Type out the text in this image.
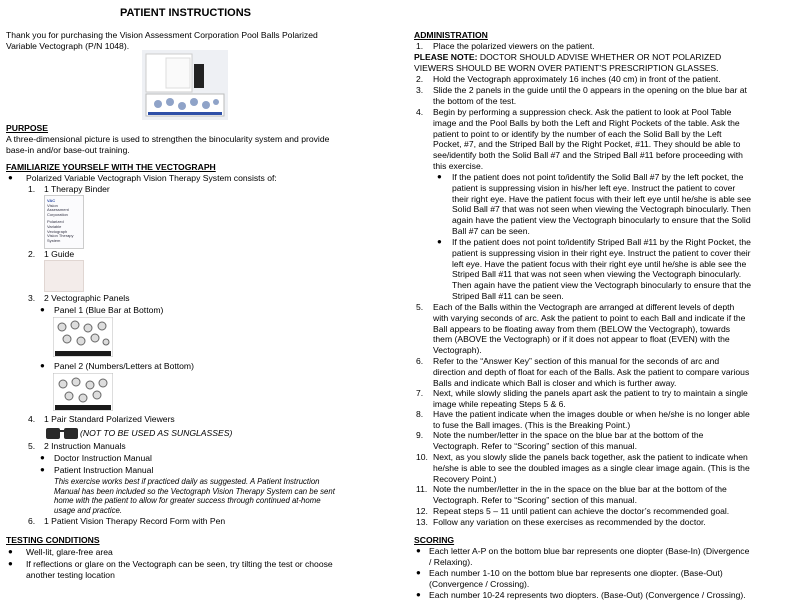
PATIENT INSTRUCTIONS
Thank you for purchasing the Vision Assessment Corporation Pool Balls Polarized
Variable Vectograph (P/N 1048).
PURPOSE
A three-dimensional picture is used to strengthen the binocularity system and provide
base-in and/or base-out training.
FAMILIARIZE YOURSELF WITH THE VECTOGRAPH
● Polarized Variable Vectograph Vision Therapy System consists of:
1.	1 Therapy Binder
VAC
Vision
Assessment
Corporation
Polarized
Variable
Vectograph
Vision Therapy System
2.	1 Guide
3.	2 Vectographic Panels
● Panel 1 (Blue Bar at Bottom)
● Panel 2 (Numbers/Letters at Bottom)
4.	1 Pair Standard Polarized Viewers
(NOT TO BE USED AS SUNGLASSES)
5.	2 Instruction Manuals
● Doctor Instruction Manual
● Patient Instruction Manual
This exercise works best if practiced daily as suggested. A Patient Instruction
Manual has been included so the Vectograph Vision Therapy System can be sent
home with the patient to allow for greater success through continued at-home
usage and practice.
6.	1 Patient Vision Therapy Record Form with Pen
TESTING CONDITIONS
● Well-lit, glare-free area
● If reflections or glare on the Vectograph can be seen, try tilting the test or choose
another testing location
ADMINISTRATION
1.	Place the polarized viewers on the patient.
PLEASE NOTE: DOCTOR SHOULD ADVISE WHETHER OR NOT POLARIZED
VIEWERS SHOULD BE WORN OVER PATIENT'S PRESCRIPTION GLASSES.
2.	Hold the Vectograph approximately 16 inches (40 cm) in front of the patient.
3.	Slide the 2 panels in the guide until the 0 appears in the opening on the blue bar at
the bottom of the test.
4.	Begin by performing a suppression check. Ask the patient to look at Pool Table
image and the Pool Balls by both the Left and Right Pockets of the table. Ask the
patient to point to or identify by the number of each the Solid Ball by the Left
Pocket, #7, and the Striped Ball by the Right Pocket, #11. They should be able to
see/identify both the Solid Ball #7 and the Striped Ball #11 before proceeding with
this exercise.
● If the patient does not point to/identify the Solid Ball #7 by the left pocket, the
patient is suppressing vision in his/her left eye. Instruct the patient to cover
their right eye. Have the patient focus with their left eye until he/she is able see
Solid Ball #7 that was not seen when viewing the Vectograph binocularly. Then
again have the patient view the Vectograph binocularly to ensure that the Solid
Ball #7 can be seen.
● If the patient does not point to/identify Striped Ball #11 by the Right Pocket, the
patient is suppressing vision in their right eye. Instruct the patient to cover their
left eye. Have the patient focus with their right eye until he/she is able see the
Striped Ball #11 that was not seen when viewing the Vectograph binocularly.
Then again have the patient view the Vectograph binocularly to ensure that the
Striped Ball #11 can be seen.
5.	Each of the Balls within the Vectograph are arranged at different levels of depth
with varying seconds of arc. Ask the patient to point to each Ball and indicate if the
Ball appears to be floating away from them (BELOW the Vectograph), towards
them (ABOVE the Vectograph) or if it does not appear to float (EVEN) with the
Vectograph).
6.	Refer to the “Answer Key” section of this manual for the seconds of arc and
direction and depth of float for each of the Balls. Ask the patient to compare various
Balls and indicate which Ball is closer and which is further away.
7.	Next, while slowly sliding the panels apart ask the patient to try to maintain a single
image while repeating Steps 5 & 6.
8.	Have the patient indicate when the images double or when he/she is no longer able
to fuse the Ball images. (This is the Breaking Point.)
9.	Note the number/letter in the space on the blue bar at the bottom of the
Vectograph. Refer to “Scoring” section of this manual.
10. Next, as you slowly slide the panels back together, ask the patient to indicate when
he/she is able to see the doubled images as a single clear image again. (This is the
Recovery Point.)
11. Note the number/letter in the in the space on the blue bar at the bottom of the
Vectograph. Refer to “Scoring” section of this manual.
12. Repeat steps 5 – 11 until patient can achieve the doctor’s recommended goal.
13. Follow any variation on these exercises as recommended by the doctor.
SCORING
● Each letter A-P on the bottom blue bar represents one diopter (Base-In) (Divergence
/ Relaxing).
● Each number 1-10 on the bottom blue bar represents one diopter. (Base-Out)
(Convergence / Crossing).
● Each number 10-24 represents two diopters. (Base-Out) (Convergence / Crossing).
